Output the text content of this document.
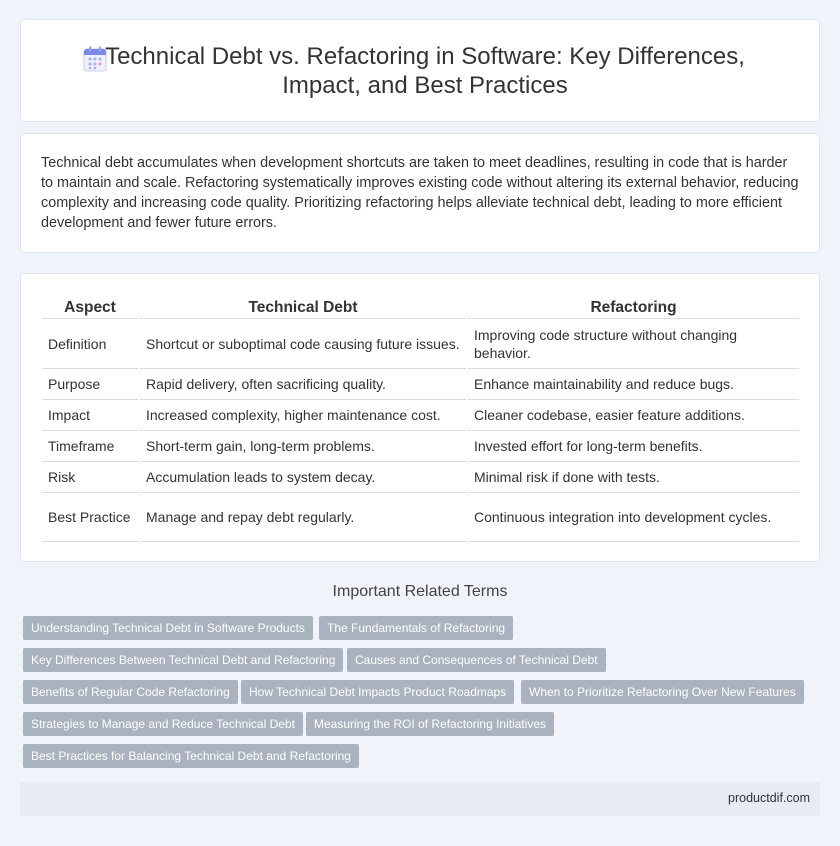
Technical Debt vs. Refactoring in Software: Key Differences, Impact, and Best Practices

Technical debt accumulates when development shortcuts are taken to meet deadlines, resulting in code that is harder to maintain and scale. Refactoring systematically improves existing code without altering its external behavior, reducing complexity and increasing code quality. Prioritizing refactoring helps alleviate technical debt, leading to more efficient development and fewer future errors.

Aspect		Technical Debt		Refactoring
Definition		Shortcut or suboptimal code causing future issues.		Improving code structure without changing behavior.
Purpose		Rapid delivery, often sacrificing quality.		Enhance maintainability and reduce bugs.
Impact		Increased complexity, higher maintenance cost.		Cleaner codebase, easier feature additions.
Timeframe		Short-term gain, long-term problems.		Invested effort for long-term benefits.
Risk		Accumulation leads to system decay.		Minimal risk if done with tests.
Best Practice		Manage and repay debt regularly.		Continuous integration into development cycles.
Important Related Terms
Understanding Technical Debt in Software Products	The Fundamentals of Refactoring
Key Differences Between Technical Debt and Refactoring	Causes and Consequences of Technical Debt
Benefits of Regular Code Refactoring	How Technical Debt Impacts Product Roadmaps	When to Prioritize Refactoring Over New Features
Strategies to Manage and Reduce Technical Debt	Measuring the ROI of Refactoring Initiatives
Best Practices for Balancing Technical Debt and Refactoring
productdif.com
